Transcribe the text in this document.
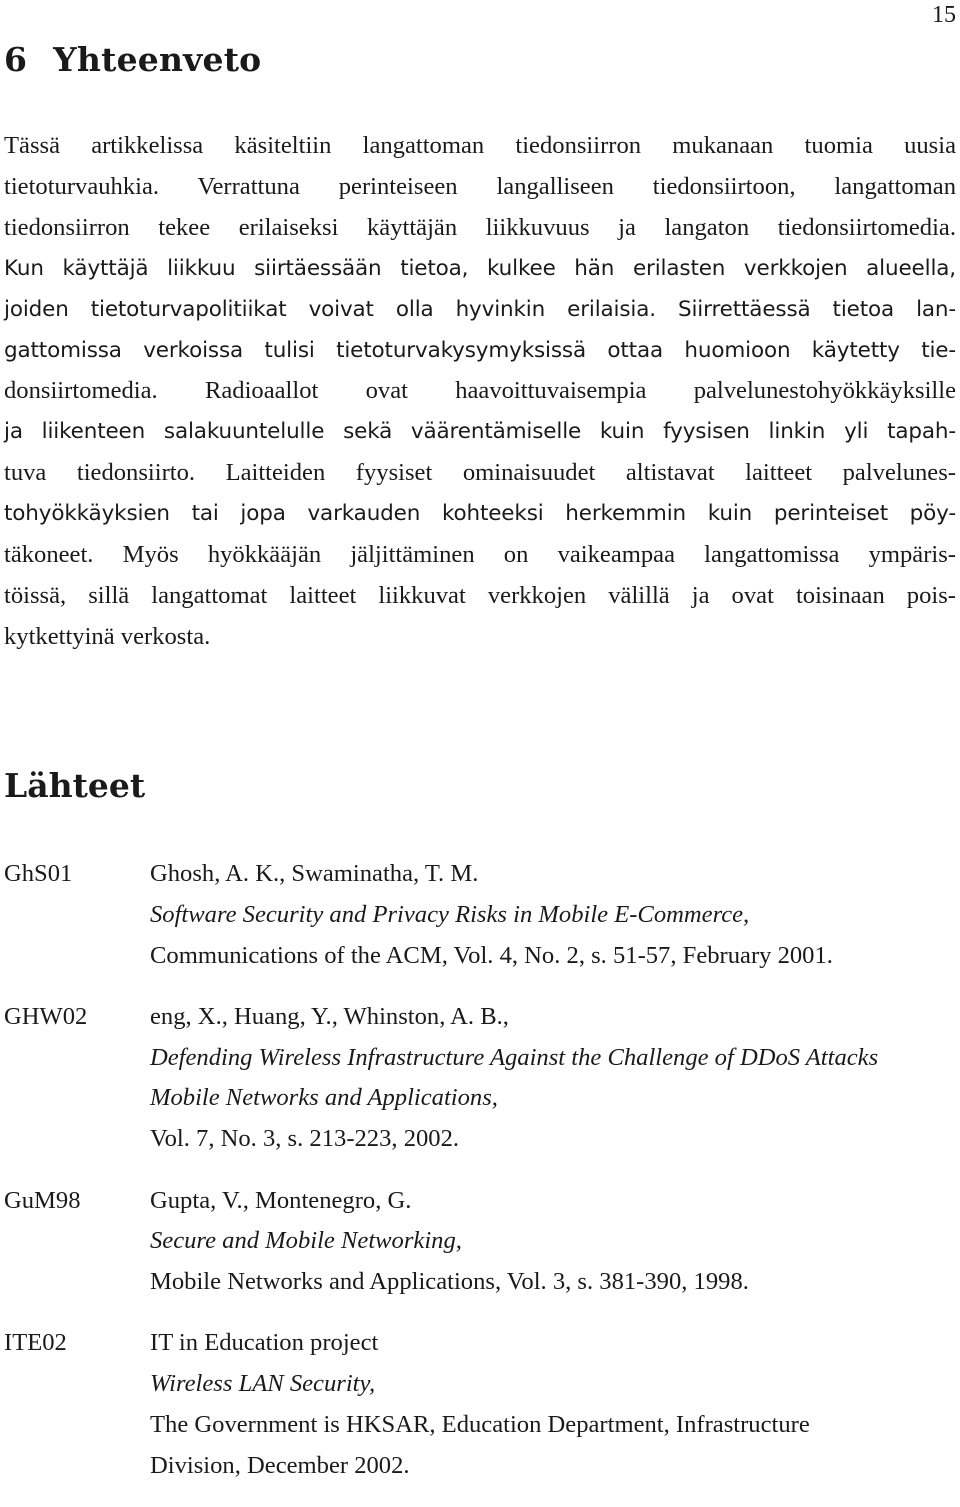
15
6 Yhteenveto
Tässä artikkelissa käsiteltiin langattoman tiedonsiirron mukanaan tuomia uusia
tietoturvauhkia. Verrattuna perinteiseen langalliseen tiedonsiirtoon, langattoman
tiedonsiirron tekee erilaiseksi käyttäjän liikkuvuus ja langaton tiedonsiirtomedia.
Kun käyttäjä liikkuu siirtäessään tietoa, kulkee hän erilasten verkkojen alueella,
joiden tietoturvapolitiikat voivat olla hyvinkin erilaisia. Siirrettäessä tietoa lan-
gattomissa verkoissa tulisi tietoturvakysymyksissä ottaa huomioon käytetty tie-
donsiirtomedia. Radioaallot ovat haavoittuvaisempia palvelunestohyökkäyksille
ja liikenteen salakuuntelulle sekä väärentämiselle kuin fyysisen linkin yli tapah-
tuva tiedonsiirto. Laitteiden fyysiset ominaisuudet altistavat laitteet palvelunes-
tohyökkäyksien tai jopa varkauden kohteeksi herkemmin kuin perinteiset pöy-
täkoneet. Myös hyökkääjän jäljittäminen on vaikeampaa langattomissa ympäris-
töissä, sillä langattomat laitteet liikkuvat verkkojen välillä ja ovat toisinaan pois-
kytkettyinä verkosta.
Lähteet
GhS01	Ghosh, A. K., Swaminatha, T. M.
Software Security and Privacy Risks in Mobile E-Commerce,
Communications of the ACM, Vol. 4, No. 2, s. 51-57, February 2001.
GHW02	eng, X., Huang, Y., Whinston, A. B.,
Defending Wireless Infrastructure Against the Challenge of DDoS Attacks
Mobile Networks and Applications,
Vol. 7, No. 3, s. 213-223, 2002.
GuM98	Gupta, V., Montenegro, G.
Secure and Mobile Networking,
Mobile Networks and Applications, Vol. 3, s. 381-390, 1998.
ITE02	IT in Education project
Wireless LAN Security,
The Government is HKSAR, Education Department, Infrastructure
Division, December 2002.
